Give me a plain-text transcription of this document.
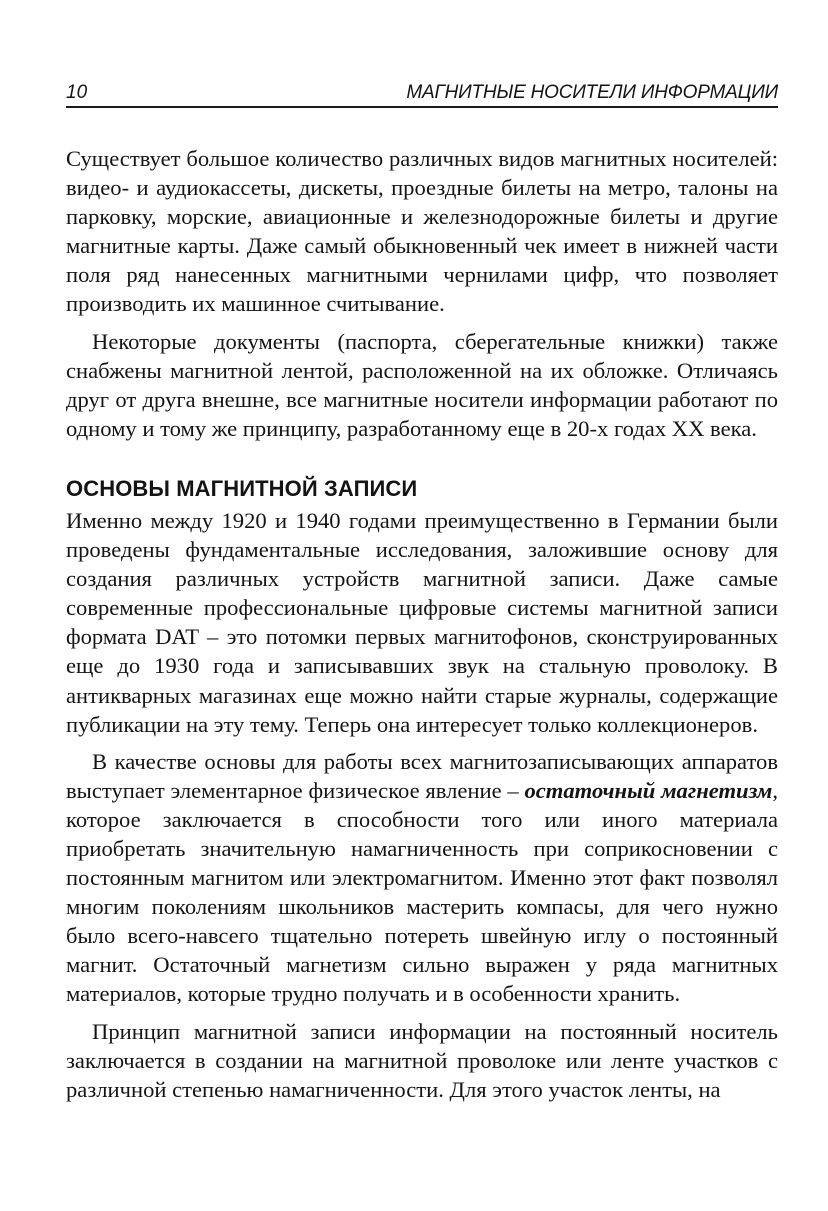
10	МАГНИТНЫЕ НОСИТЕЛИ ИНФОРМАЦИИ

Существует большое количество различных видов магнитных носителей: видео- и аудиокассеты, дискеты, проездные билеты на метро, талоны на парковку, морские, авиационные и железнодорожные билеты и другие магнитные карты. Даже самый обыкновенный чек имеет в нижней части поля ряд нанесенных магнитными чернилами цифр, что позволяет производить их машинное считывание.

Некоторые документы (паспорта, сберегательные книжки) также снабжены магнитной лентой, расположенной на их обложке. Отличаясь друг от друга внешне, все магнитные носители информации работают по одному и тому же принципу, разработанному еще в 20-х годах XX века.

ОСНОВЫ МАГНИТНОЙ ЗАПИСИ

Именно между 1920 и 1940 годами преимущественно в Германии были проведены фундаментальные исследования, заложившие основу для создания различных устройств магнитной записи. Даже самые современные профессиональные цифровые системы магнитной записи формата DAT – это потомки первых магнитофонов, сконструированных еще до 1930 года и записывавших звук на стальную проволоку. В антикварных магазинах еще можно найти старые журналы, содержащие публикации на эту тему. Теперь она интересует только коллекционеров.

В качестве основы для работы всех магнитозаписывающих аппаратов выступает элементарное физическое явление – остаточный магнетизм, которое заключается в способности того или иного материала приобретать значительную намагниченность при соприкосновении с постоянным магнитом или электромагнитом. Именно этот факт позволял многим поколениям школьников мастерить компасы, для чего нужно было всего-навсего тщательно потереть швейную иглу о постоянный магнит. Остаточный магнетизм сильно выражен у ряда магнитных материалов, которые трудно получать и в особенности хранить.

Принцип магнитной записи информации на постоянный носитель заключается в создании на магнитной проволоке или ленте участков с различной степенью намагниченности. Для этого участок ленты, на
